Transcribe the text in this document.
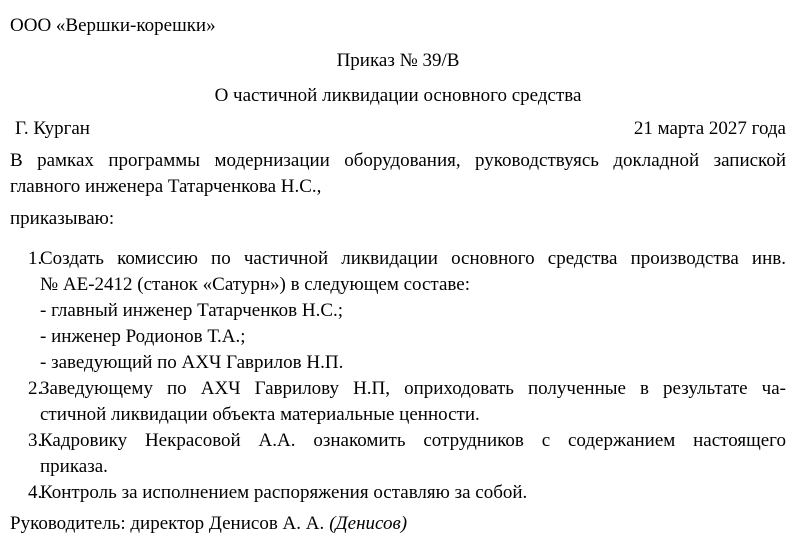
ООО «Вершки-корешки»
Приказ № 39/В
О частичной ликвидации основного средства
Г. Курган	21 марта 2027 года
В рамках программы модернизации оборудования, руководствуясь докладной запиской
главного инженера Татарченкова Н.С.,
приказываю:
1.
Создать комиссию по частичной ликвидации основного средства производства инв.
№ АЕ-2412 (станок «Сатурн») в следующем составе:
- главный инженер Татарченков Н.С.;
- инженер Родионов Т.А.;
- заведующий по АХЧ Гаврилов Н.П.
2.
Заведующему по АХЧ Гаврилову Н.П, оприходовать полученные в результате ча-
стичной ликвидации объекта материальные ценности.
3.
Кадровику Некрасовой А.А. ознакомить сотрудников с содержанием настоящего
приказа.
4.
Контроль за исполнением распоряжения оставляю за собой.
Руководитель: директор Денисов А. А. (Денисов)
